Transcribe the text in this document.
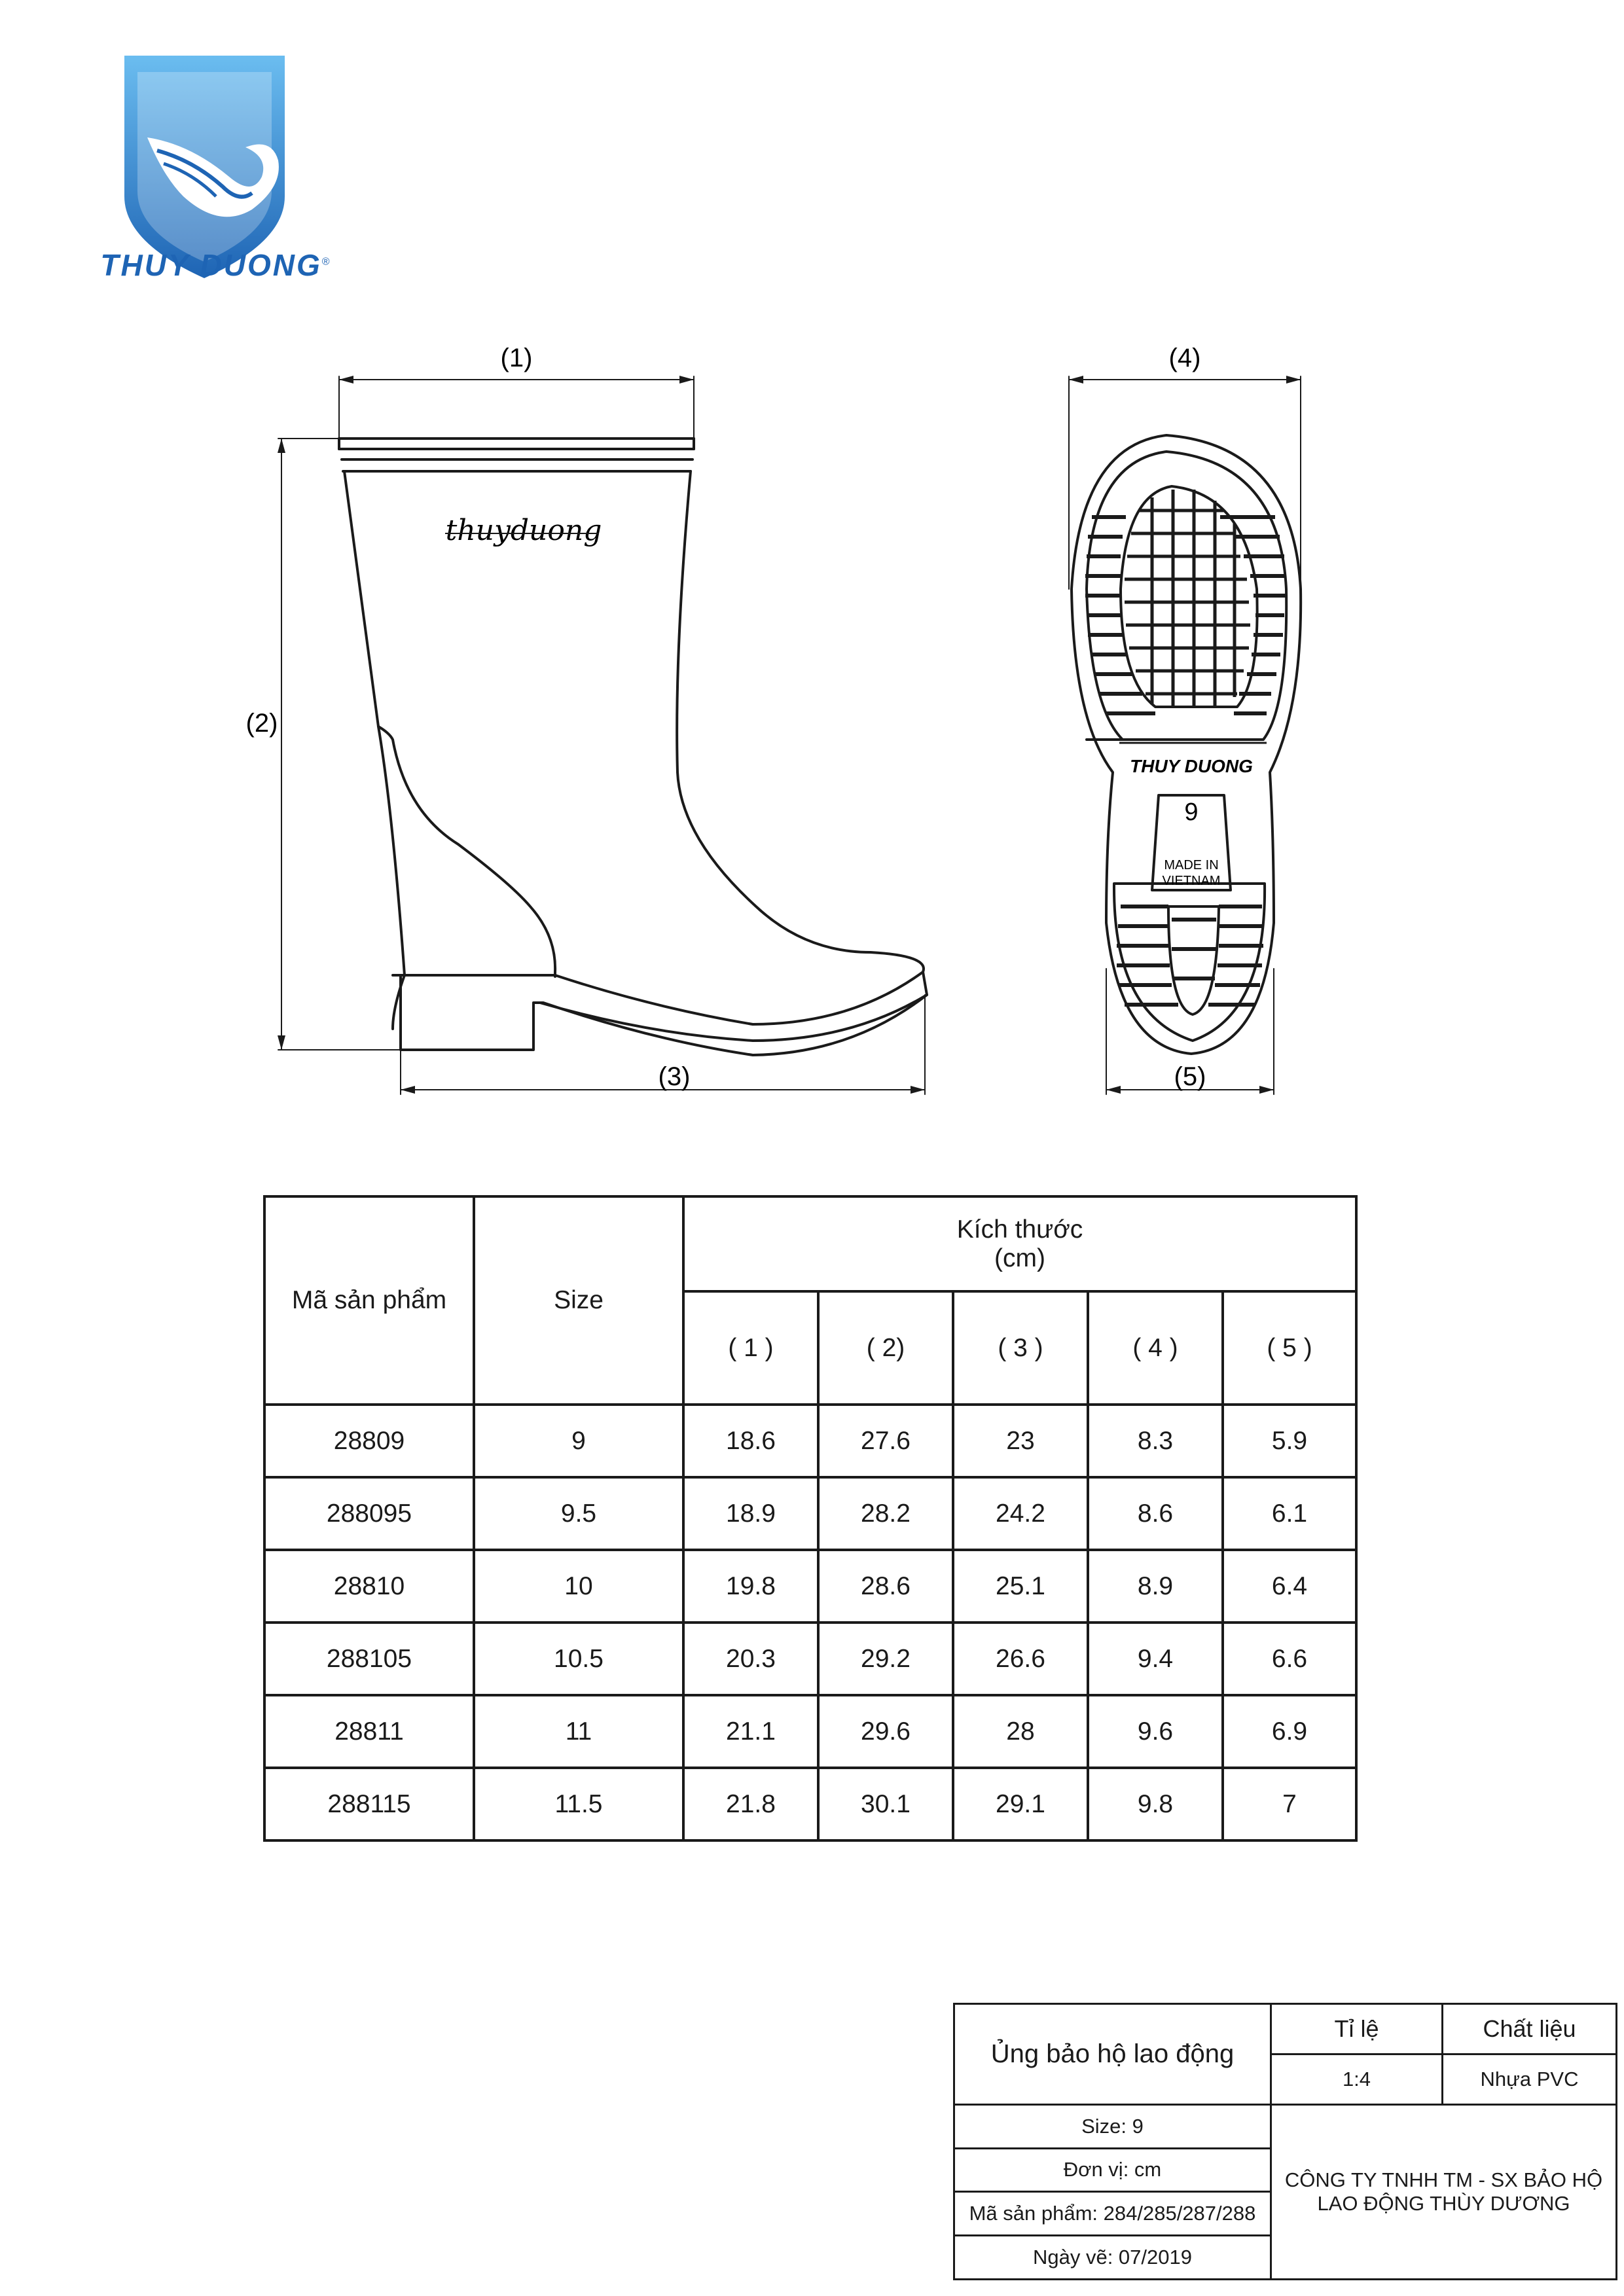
THUY DUONG®
(1)
(2)
(3)
(4)
(5)
thuyduong
THUY DUONG
9
MADE IN
VIETNAM
Mã sản phẩm	Size	Kích thước
(cm)				

		( 1 )	( 2)	( 3 )	( 4 )	( 5 )
28809	9	18.6	27.6	23	8.3	5.9
288095	9.5	18.9	28.2	24.2	8.6	6.1
28810	10	19.8	28.6	25.1	8.9	6.4
288105	10.5	20.3	29.2	26.6	9.4	6.6
28811	11	21.1	29.6	28	9.6	6.9
288115	11.5	21.8	30.1	29.1	9.8	7
Ủng bảo hộ lao động	Tỉ lệ	Chất liệu
	1:4	Nhựa PVC
Size: 9	CÔNG TY TNHH TM - SX BẢO HỘ
LAO ĐỘNG THÙY DƯƠNG	

Đơn vị: cm		
Mã sản phẩm: 284/285/287/288		
Ngày vẽ: 07/2019		
